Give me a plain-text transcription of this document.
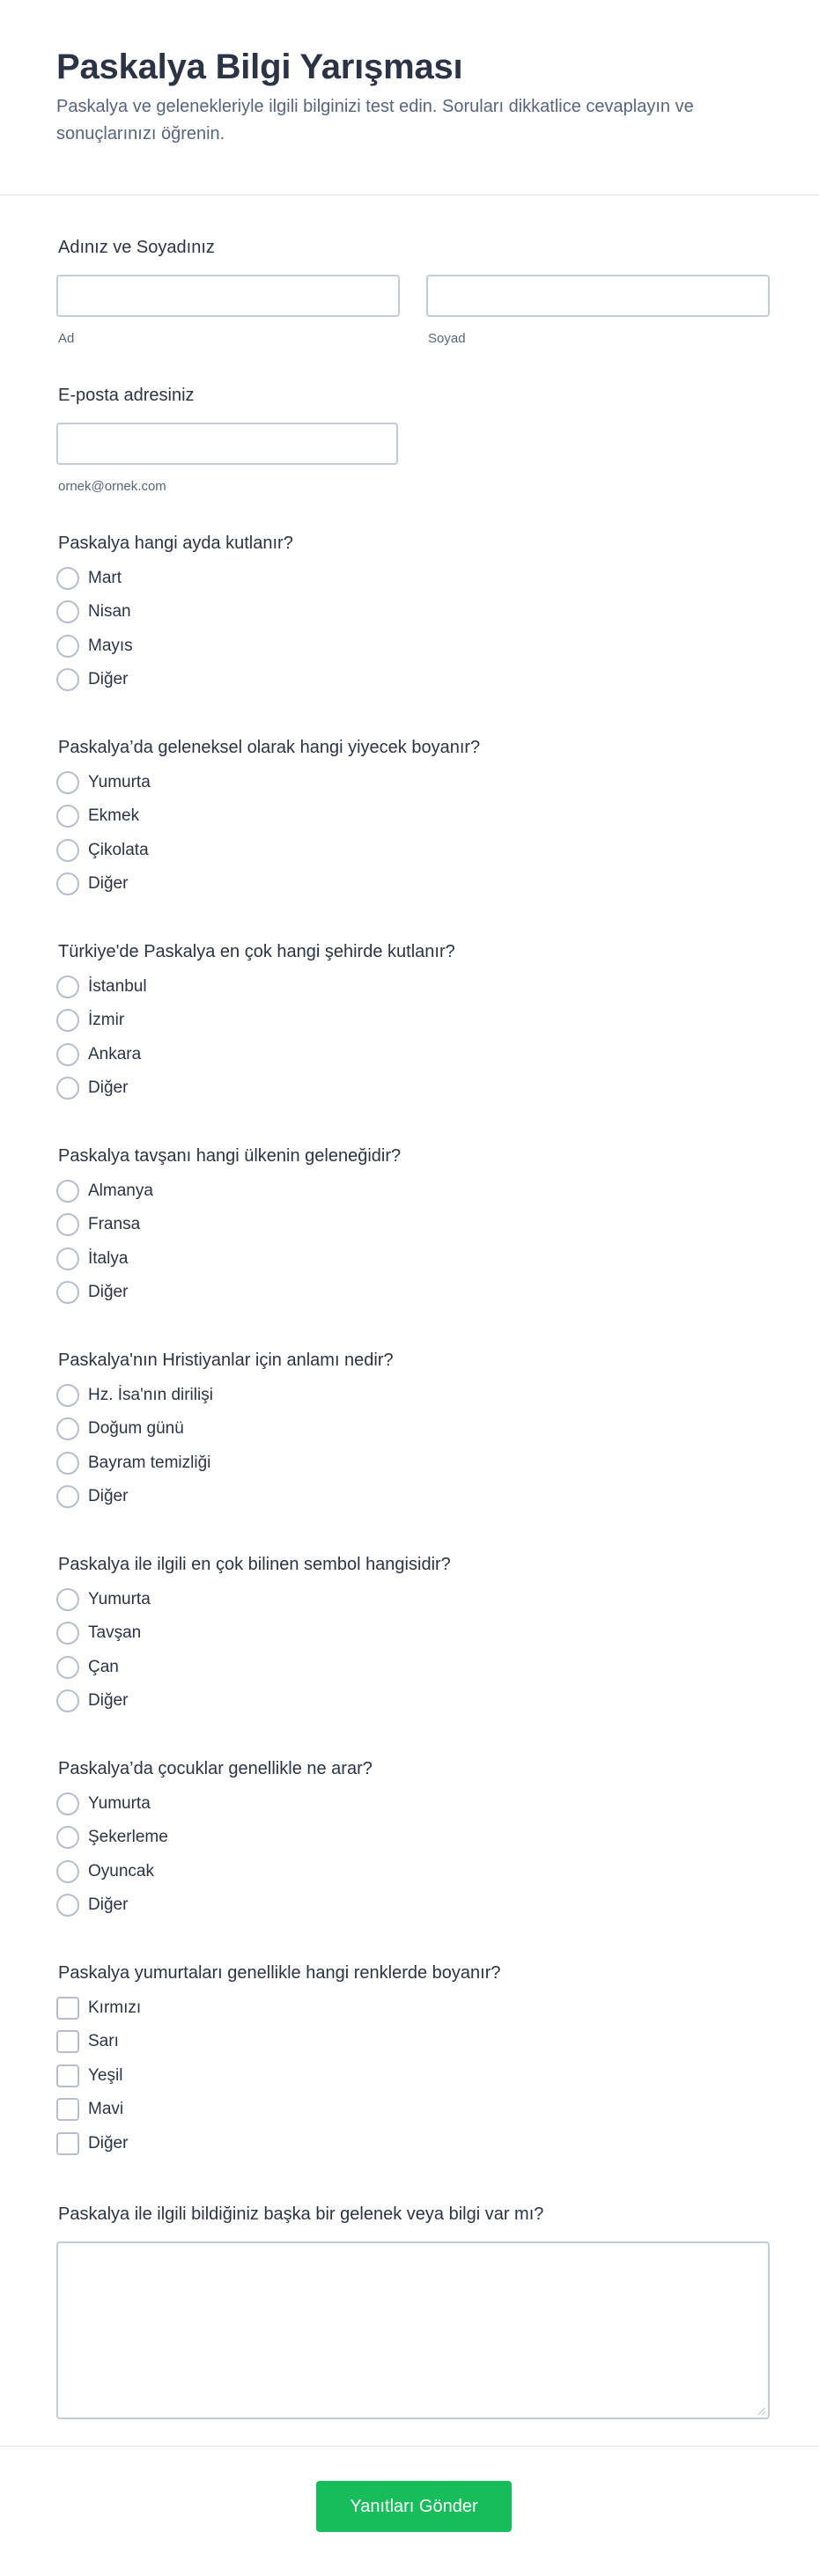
Paskalya Bilgi Yarışması

Paskalya ve gelenekleriyle ilgili bilginizi test edin. Soruları dikkatlice cevaplayın ve sonuçlarınızı öğrenin.

Adınız ve Soyadınız
Ad	Soyad
E-posta adresiniz
ornek@ornek.com
Paskalya hangi ayda kutlanır?
Mart
Nisan
Mayıs
Diğer
Paskalya’da geleneksel olarak hangi yiyecek boyanır?
Yumurta
Ekmek
Çikolata
Diğer
Türkiye'de Paskalya en çok hangi şehirde kutlanır?
İstanbul
İzmir
Ankara
Diğer
Paskalya tavşanı hangi ülkenin geleneğidir?
Almanya
Fransa
İtalya
Diğer
Paskalya'nın Hristiyanlar için anlamı nedir?
Hz. İsa'nın dirilişi
Doğum günü
Bayram temizliği
Diğer
Paskalya ile ilgili en çok bilinen sembol hangisidir?
Yumurta
Tavşan
Çan
Diğer
Paskalya’da çocuklar genellikle ne arar?
Yumurta
Şekerleme
Oyuncak
Diğer
Paskalya yumurtaları genellikle hangi renklerde boyanır?
Kırmızı
Sarı
Yeşil
Mavi
Diğer
Paskalya ile ilgili bildiğiniz başka bir gelenek veya bilgi var mı?
Yanıtları Gönder
